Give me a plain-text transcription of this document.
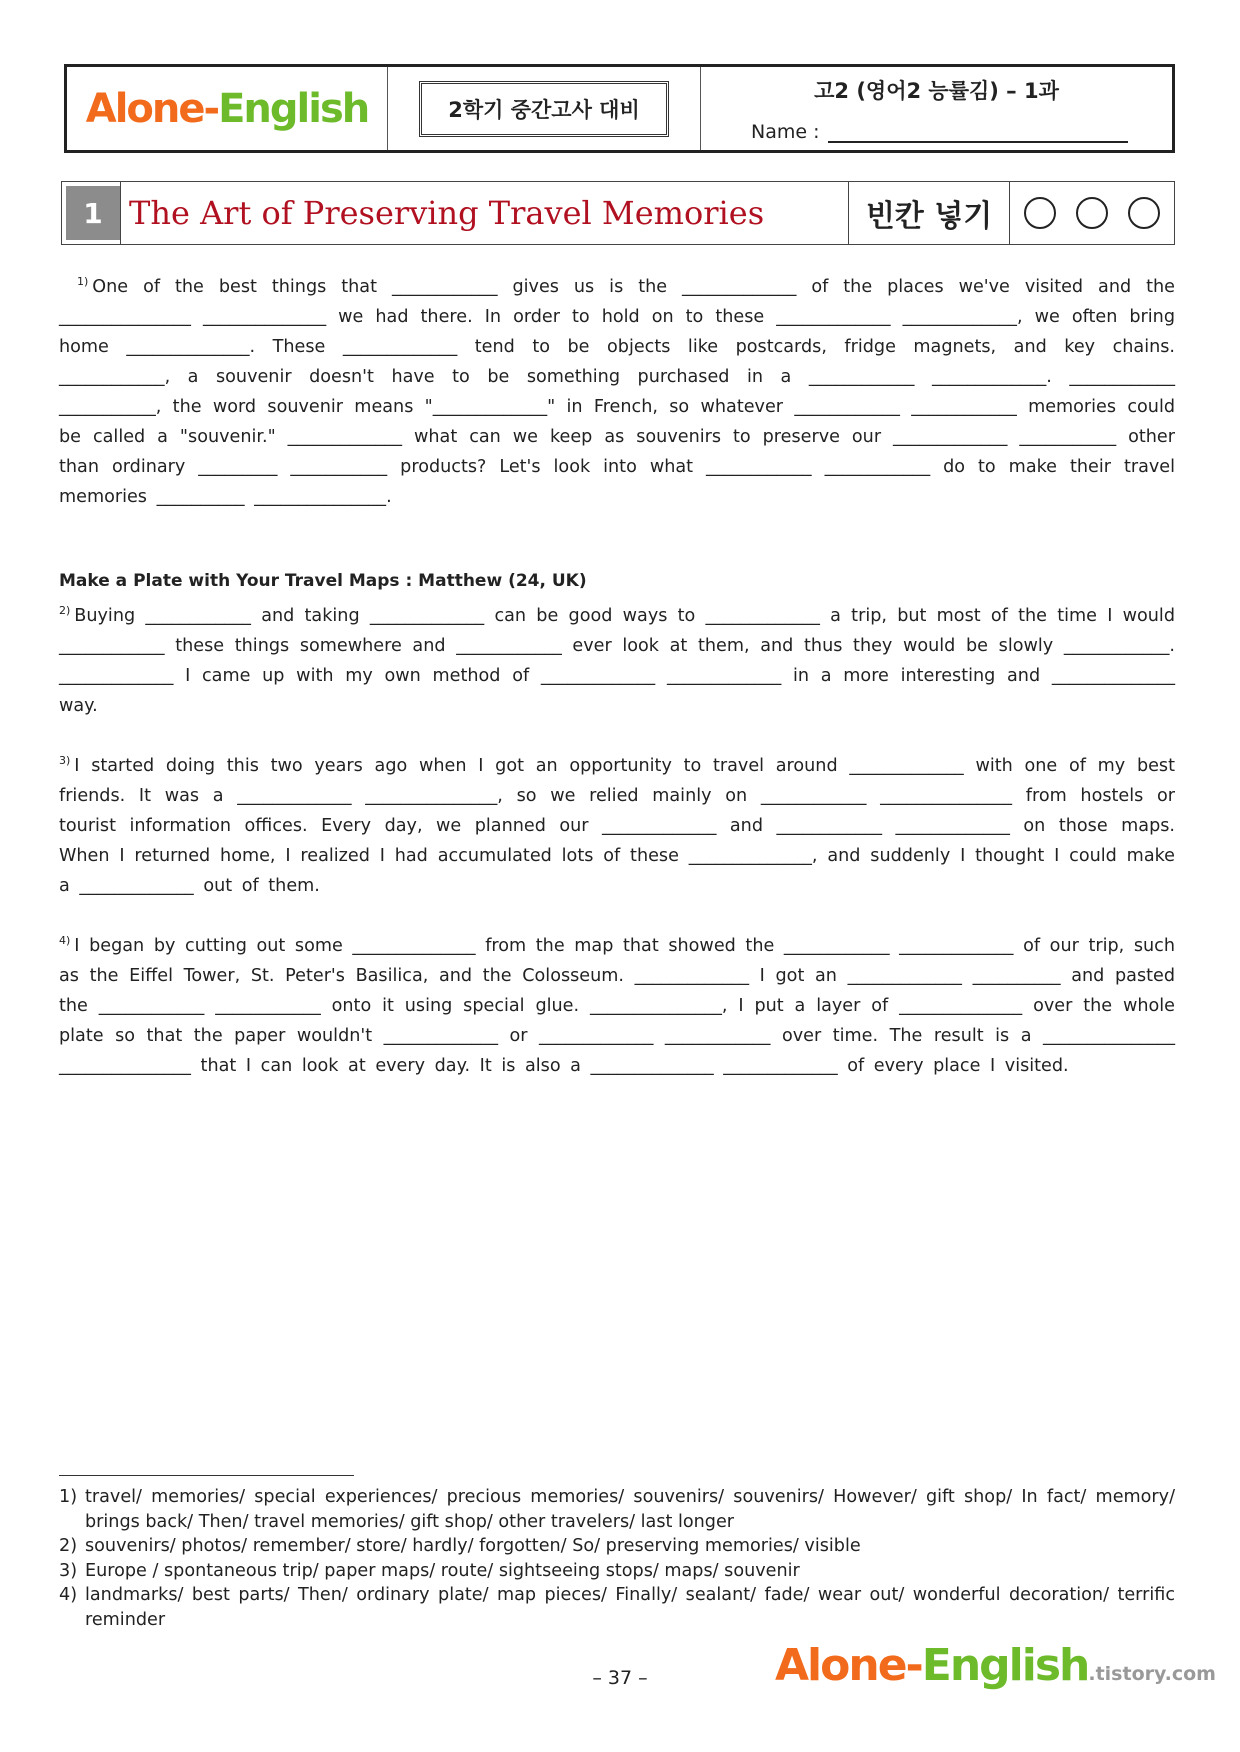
Alone-English	2학기 중간고사 대비
고2 (영어2 능률김) – 1과
Name :
1 The Art of Preserving Travel Memories	빈칸 넣기

$^{1)}$ One of the best things that ____________ gives us is the _____________ of the places we've visited and the _______________ ______________ we had there. In order to hold on to these _____________ _____________, we often bring home ______________. These _____________ tend to be objects like postcards, fridge magnets, and key chains. ____________, a souvenir doesn't have to be something purchased in a ____________ _____________. ____________ ___________, the word souvenir means "_____________" in French, so whatever ____________ ____________ memories could be called a "souvenir." _____________ what can we keep as souvenirs to preserve our _____________ ___________ other than ordinary _________ ___________ products? Let's look into what ____________ ____________ do to make their travel memories __________ _______________.

Make a Plate with Your Travel Maps : Matthew (24, UK)

$^{2)}$ Buying ____________ and taking _____________ can be good ways to _____________ a trip, but most of the time I would ____________ these things somewhere and ____________ ever look at them, and thus they would be slowly ____________. _____________ I came up with my own method of _____________ _____________ in a more interesting and ______________ way.

$^{3)}$ I started doing this two years ago when I got an opportunity to travel around _____________ with one of my best friends. It was a _____________ _______________, so we relied mainly on ____________ _______________ from hostels or tourist information offices. Every day, we planned our _____________ and ____________ _____________ on those maps. When I returned home, I realized I had accumulated lots of these ______________, and suddenly I thought I could make a _____________ out of them.

$^{4)}$ I began by cutting out some ______________ from the map that showed the ____________ _____________ of our trip, such as the Eiffel Tower, St. Peter's Basilica, and the Colosseum. _____________ I got an _____________ __________ and pasted the ____________ ____________ onto it using special glue. _______________, I put a layer of ______________ over the whole plate so that the paper wouldn't _____________ or _____________ ____________ over time. The result is a _______________ _______________ that I can look at every day. It is also a ______________ _____________ of every place I visited.

1) travel/ memories/ special experiences/ precious memories/ souvenirs/ souvenirs/ However/ gift shop/ In fact/ memory/ brings back/ Then/ travel memories/ gift shop/ other travelers/ last longer
2) souvenirs/ photos/ remember/ store/ hardly/ forgotten/ So/ preserving memories/ visible
3) Europe / spontaneous trip/ paper maps/ route/ sightseeing stops/ maps/ souvenir
4) landmarks/ best parts/ Then/ ordinary plate/ map pieces/ Finally/ sealant/ fade/ wear out/ wonderful decoration/ terrific reminder
– 37 –	Alone-English.tistory.com
